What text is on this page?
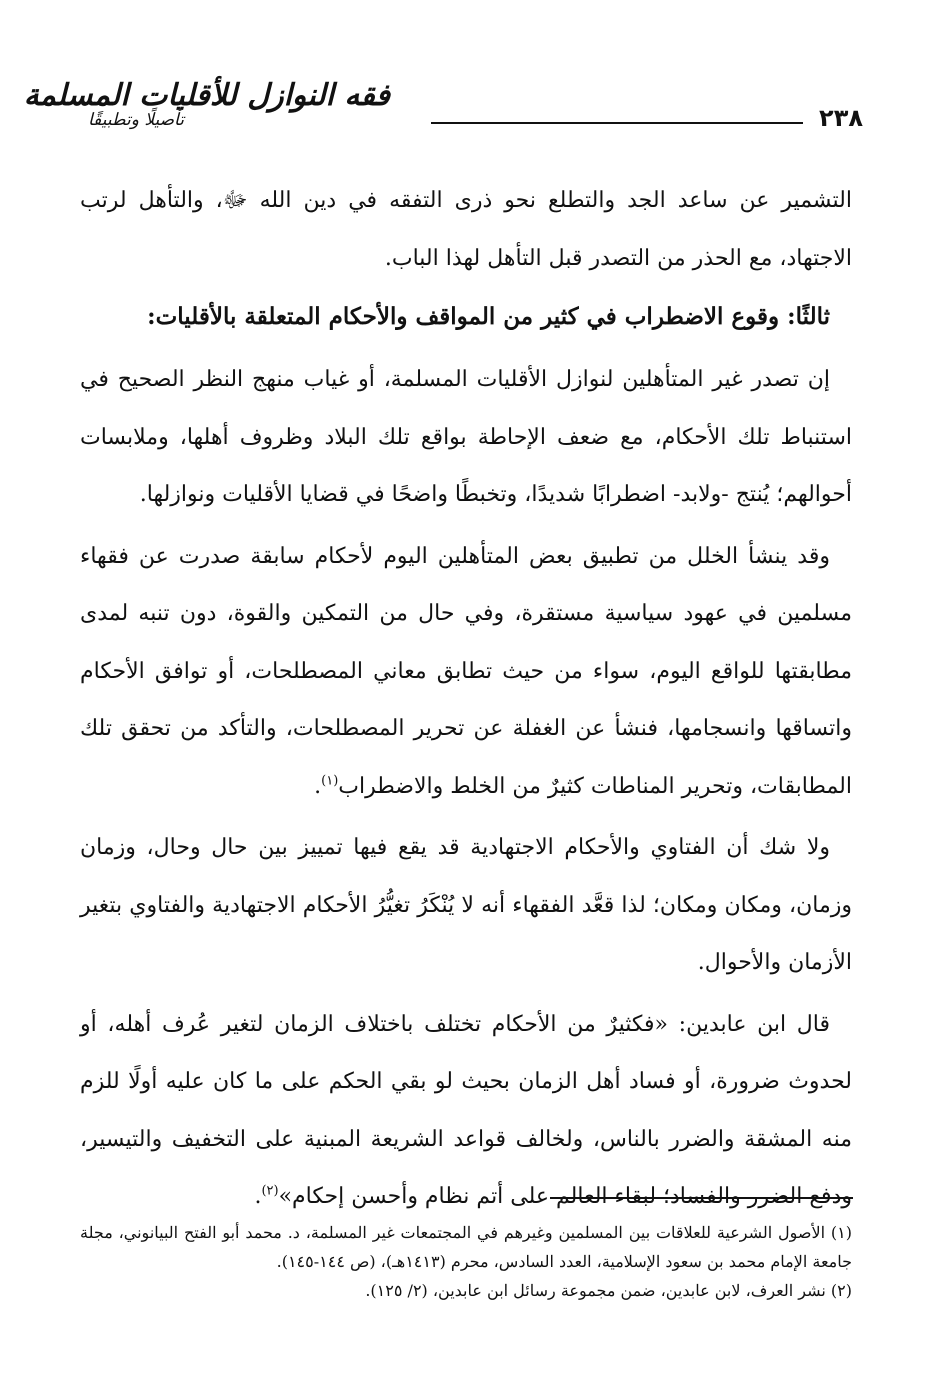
٢٣٨
فقه النوازل للأقليات المسلمة
تأصيلًا وتطبيقًا

التشمير عن ساعد الجد والتطلع نحو ذرى التفقه في دين الله ﷻ، والتأهل لرتب الاجتهاد، مع الحذر من التصدر قبل التأهل لهذا الباب.

ثالثًا: وقوع الاضطراب في كثير من المواقف والأحكام المتعلقة بالأقليات:

إن تصدر غير المتأهلين لنوازل الأقليات المسلمة، أو غياب منهج النظر الصحيح في استنباط تلك الأحكام، مع ضعف الإحاطة بواقع تلك البلاد وظروف أهلها، وملابسات أحوالهم؛ يُنتج -ولابد- اضطرابًا شديدًا، وتخبطًا واضحًا في قضايا الأقليات ونوازلها.

وقد ينشأ الخلل من تطبيق بعض المتأهلين اليوم لأحكام سابقة صدرت عن فقهاء مسلمين في عهود سياسية مستقرة، وفي حال من التمكين والقوة، دون تنبه لمدى مطابقتها للواقع اليوم، سواء من حيث تطابق معاني المصطلحات، أو توافق الأحكام واتساقها وانسجامها، فنشأ عن الغفلة عن تحرير المصطلحات، والتأكد من تحقق تلك المطابقات، وتحرير المناطات كثيرٌ من الخلط والاضطراب$^{(١)}$.

ولا شك أن الفتاوي والأحكام الاجتهادية قد يقع فيها تمييز بين حال وحال، وزمان وزمان، ومكان ومكان؛ لذا قعَّد الفقهاء أنه لا يُنْكَرُ تغيُّرُ الأحكام الاجتهادية والفتاوي بتغير الأزمان والأحوال.

قال ابن عابدين: «فكثيرٌ من الأحكام تختلف باختلاف الزمان لتغير عُرف أهله، أو لحدوث ضرورة، أو فساد أهل الزمان بحيث لو بقي الحكم على ما كان عليه أولًا للزم منه المشقة والضرر بالناس، ولخالف قواعد الشريعة المبنية على التخفيف والتيسير، ودفع الضرر والفساد؛ لبقاء العالم على أتم نظام وأحسن إحكام»$^{(٢)}$.

(١) الأصول الشرعية للعلاقات بين المسلمين وغيرهم في المجتمعات غير المسلمة، د. محمد أبو الفتح البيانوني، مجلة جامعة الإمام محمد بن سعود الإسلامية، العدد السادس، محرم (١٤١٣هـ)، (ص ١٤٤-١٤٥).

(٢) نشر العرف، لابن عابدين، ضمن مجموعة رسائل ابن عابدين، (٢/ ١٢٥).
